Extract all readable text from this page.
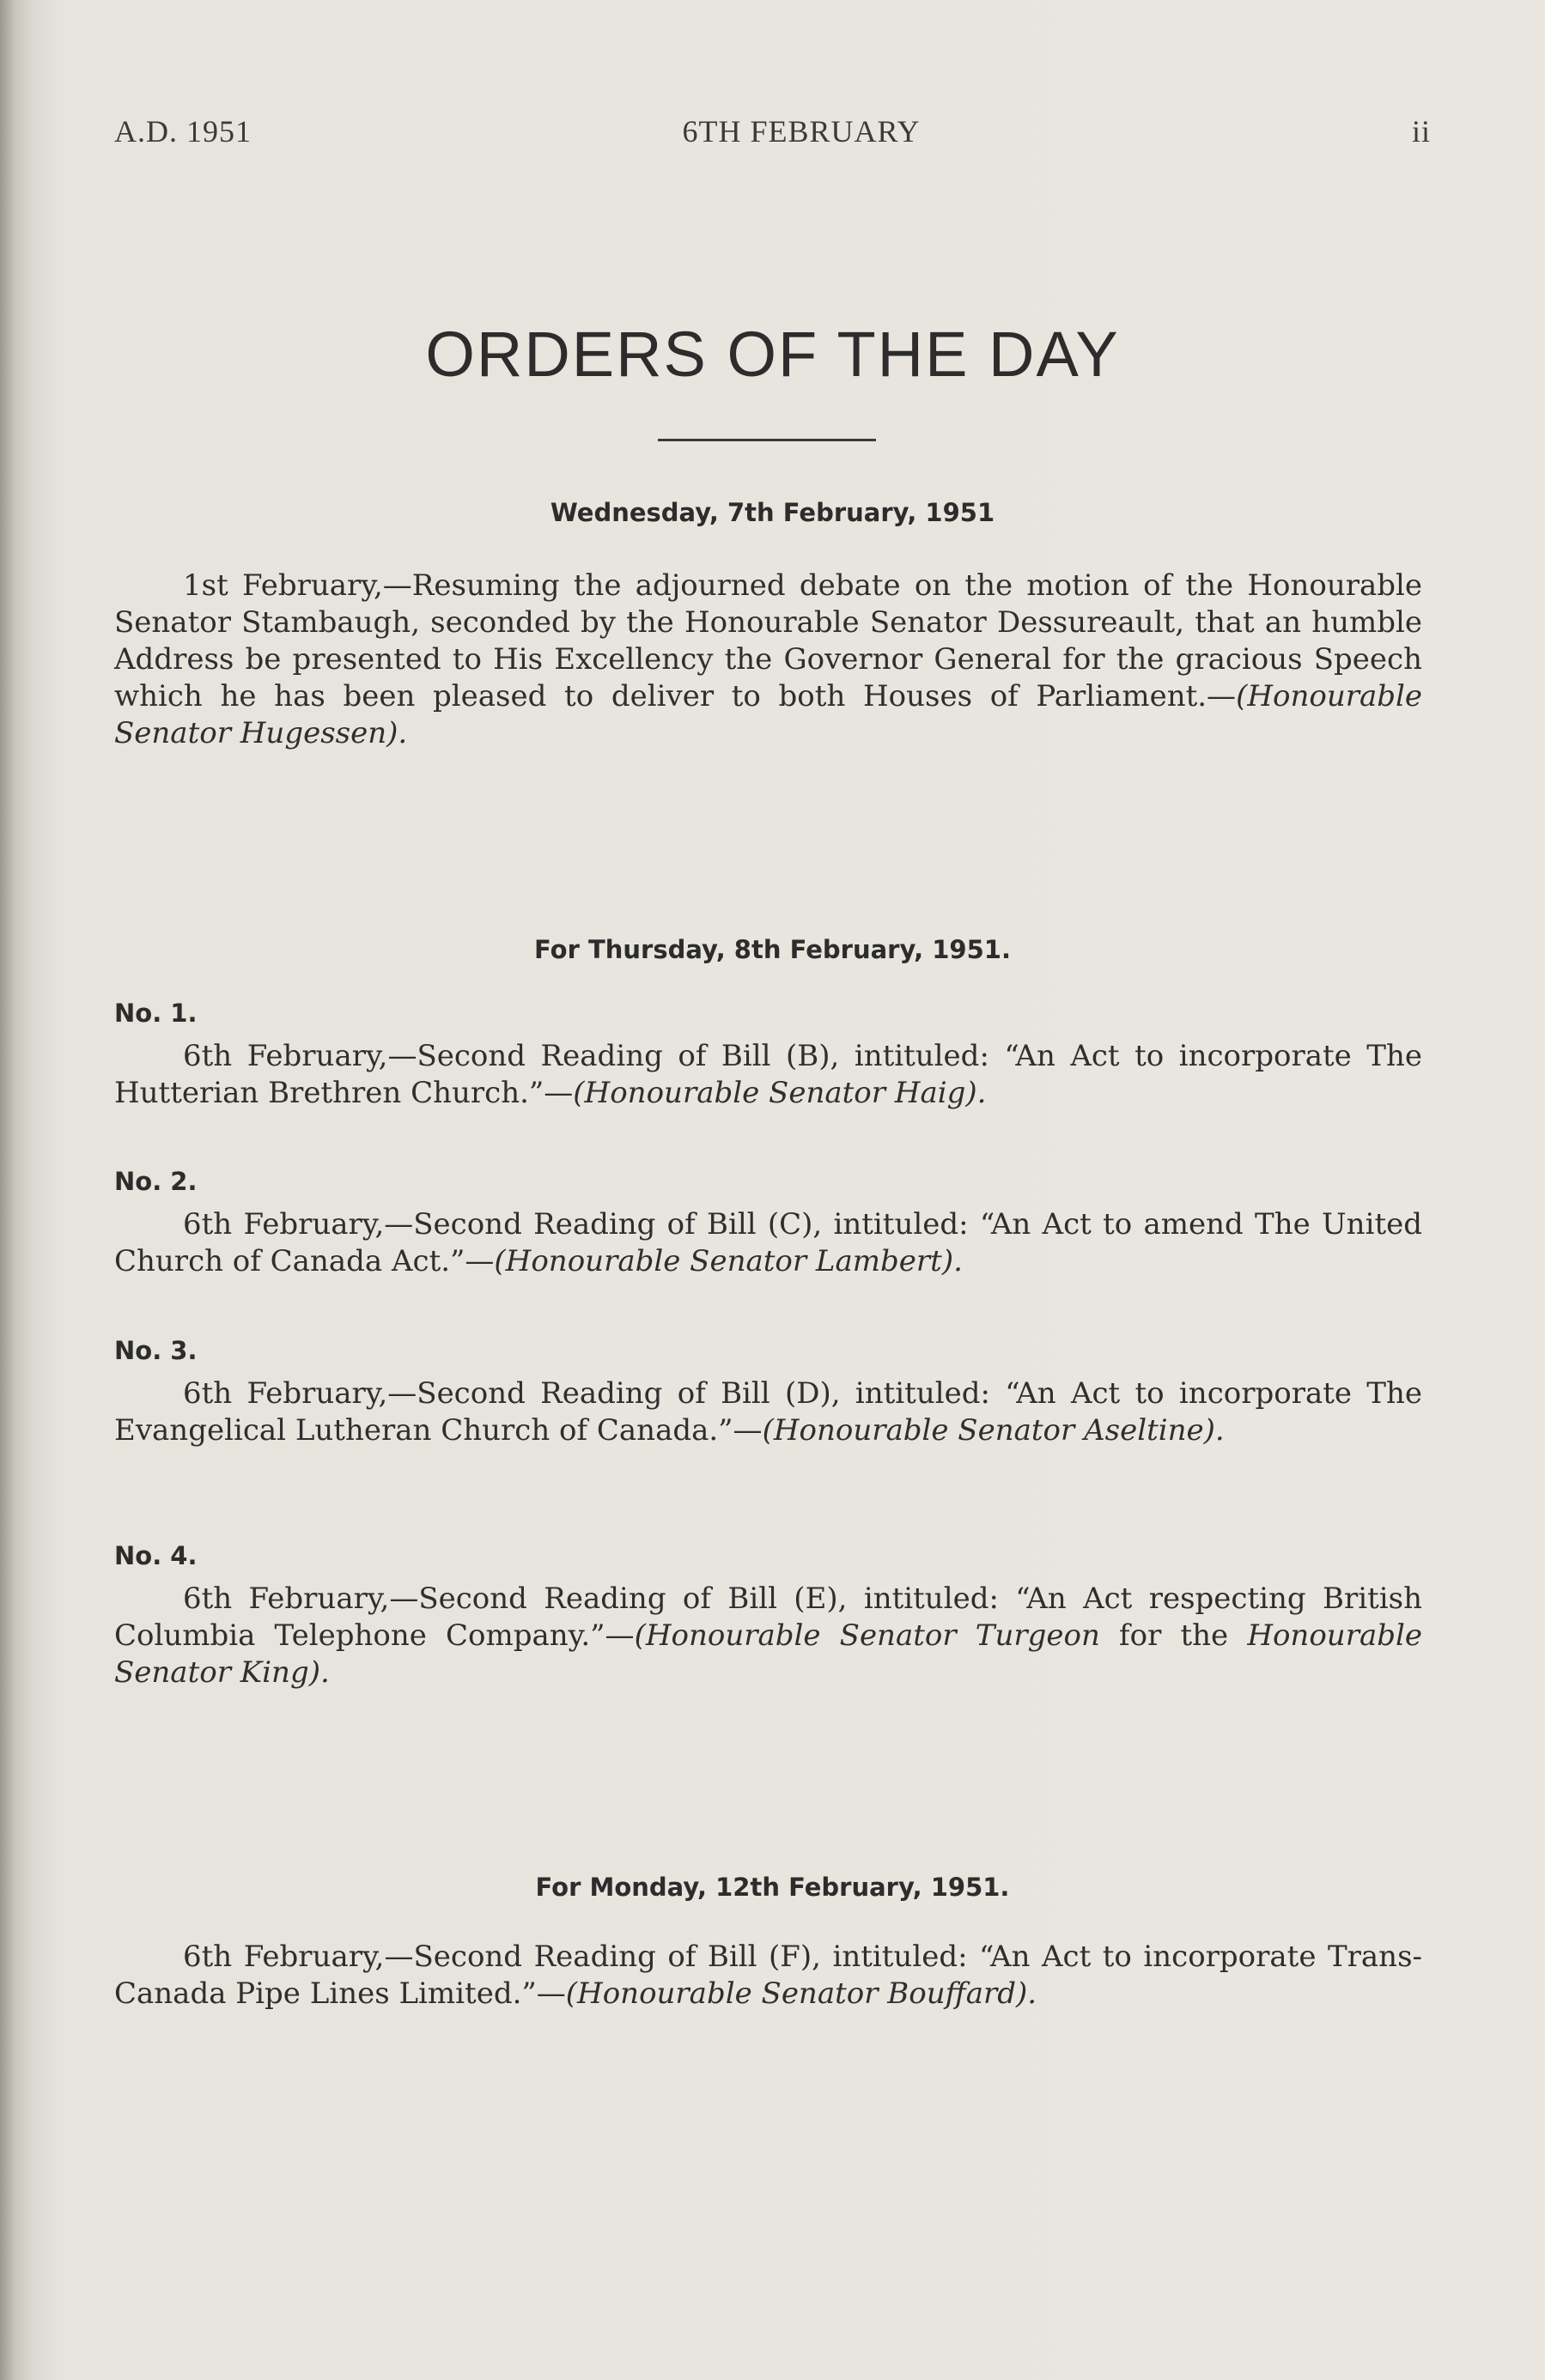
A.D. 1951	6TH FEBRUARY	ii
ORDERS OF THE DAY
Wednesday, 7th February, 1951
1st February,—Resuming the adjourned debate on the motion of the Honourable Senator Stambaugh, seconded by the Honourable Senator Dessureault, that an humble Address be presented to His Excellency the Governor General for the gracious Speech which he has been pleased to deliver to both Houses of Parliament.—(Honourable Senator Hugessen).
For Thursday, 8th February, 1951.
No. 1.
6th February,—Second Reading of Bill (B), intituled: “An Act to incorporate The Hutterian Brethren Church.”—(Honourable Senator Haig).
No. 2.
6th February,—Second Reading of Bill (C), intituled: “An Act to amend The United Church of Canada Act.”—(Honourable Senator Lambert).
No. 3.
6th February,—Second Reading of Bill (D), intituled: “An Act to incorporate The Evangelical Lutheran Church of Canada.”—(Honourable Senator Aseltine).
No. 4.
6th February,—Second Reading of Bill (E), intituled: “An Act respecting British Columbia Telephone Company.”—(Honourable Senator Turgeon for the Honourable Senator King).
For Monday, 12th February, 1951.
6th February,—Second Reading of Bill (F), intituled: “An Act to incorporate Trans-Canada Pipe Lines Limited.”—(Honourable Senator Bouffard).
